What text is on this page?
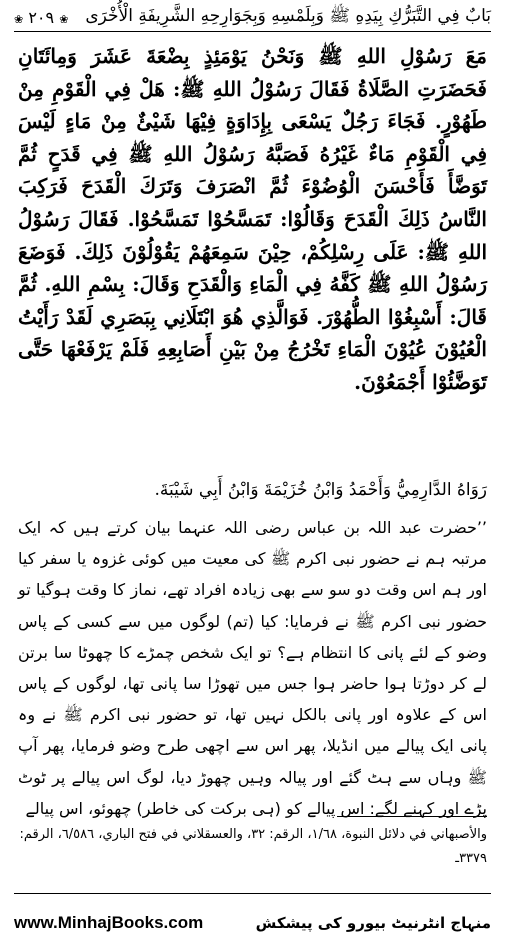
بَابٌ فِي التَّبَرُّكِ بِيَدِهِ ﷺ وَبِلَمْسِهِ وَبِجَوَارِحِهِ الشَّرِيفَةِ الْأُخْرَى
❀ ٢٠٩ ❀
مَعَ رَسُوْلِ اللهِ ﷺ وَنَحْنُ يَوْمَئِذٍ بِضْعَةَ عَشَرَ وَمِائَتَانِ فَحَضَرَتِ الصَّلَاةُ فَقَالَ رَسُوْلُ اللهِ ﷺ: هَلْ فِي الْقَوْمِ مِنْ طَهُوْرٍ. فَجَاءَ رَجُلٌ يَسْعَى بِإِدَاوَةٍ فِيْهَا شَيْئٌ مِنْ مَاءٍ لَيْسَ فِي الْقَوْمِ مَاءٌ غَيْرُهُ فَصَبَّهُ رَسُوْلُ اللهِ ﷺ فِي قَدَحٍ ثُمَّ تَوَضَّأَ فَأَحْسَنَ الْوُضُوْءَ ثُمَّ انْصَرَفَ وَتَرَكَ الْقَدَحَ فَرَكِبَ النَّاسُ ذَلِكَ الْقَدَحَ وَقَالُوْا: تَمَسَّحُوْا تَمَسَّحُوْا. فَقَالَ رَسُوْلُ اللهِ ﷺ: عَلَى رِسْلِكُمْ، حِيْنَ سَمِعَهُمْ يَقُوْلُوْنَ ذَلِكَ. فَوَضَعَ رَسُوْلُ اللهِ ﷺ كَفَّهُ فِي الْمَاءِ وَالْقَدَحِ وَقَالَ: بِسْمِ اللهِ. ثُمَّ قَالَ: أَسْبِغُوْا الطُّهُوْرَ. فَوَالَّذِي هُوَ ابْتَلَانِي بِبَصَرِي لَقَدْ رَأَيْتُ الْعُيُوْنَ عُيُوْنَ الْمَاءِ تَخْرُجُ مِنْ بَيْنِ أَصَابِعِهِ فَلَمْ يَرْفَعْهَا حَتَّى تَوَضَّئُوْا أَجْمَعُوْنَ.
رَوَاهُ الدَّارِمِيُّ وَأَحْمَدُ وَابْنُ خُزَيْمَةَ وَابْنُ أَبِي شَيْبَةَ.
’’حضرت عبد اللہ بن عباس رضی اللہ عنہما بیان کرتے ہیں کہ ایک مرتبہ ہم نے حضور نبی اکرم ﷺ کی معیت میں کوئی غزوہ یا سفر کیا اور ہم اس وقت دو سو سے بھی زیادہ افراد تھے، نماز کا وقت ہوگیا تو حضور نبی اکرم ﷺ نے فرمایا: کیا (تم) لوگوں میں سے کسی کے پاس وضو کے لئے پانی کا انتظام ہے؟ تو ایک شخص چمڑے کا چھوٹا سا برتن لے کر دوڑتا ہوا حاضر ہوا جس میں تھوڑا سا پانی تھا، لوگوں کے پاس اس کے علاوہ اور پانی بالکل نہیں تھا، تو حضور نبی اکرم ﷺ نے وہ پانی ایک پیالے میں انڈیلا، پھر اس سے اچھی طرح وضو فرمایا، پھر آپ ﷺ وہاں سے ہٹ گئے اور پیالہ وہیں چھوڑ دیا، لوگ اس پیالے پر ٹوٹ پڑے اور کہنے لگے: اس پیالے کو (ہی برکت کی خاطر) چھوئو، اس پیالے
والأصبهاني في دلائل النبوة، ١/٦٨، الرقم: ٣٢، والعسقلاني في فتح الباري، ٦/٥٨٦، الرقم: ٣٣٧٩ـ
www.MinhajBooks.com	منہاج انٹرنیٹ بیورو کی پیشکش
